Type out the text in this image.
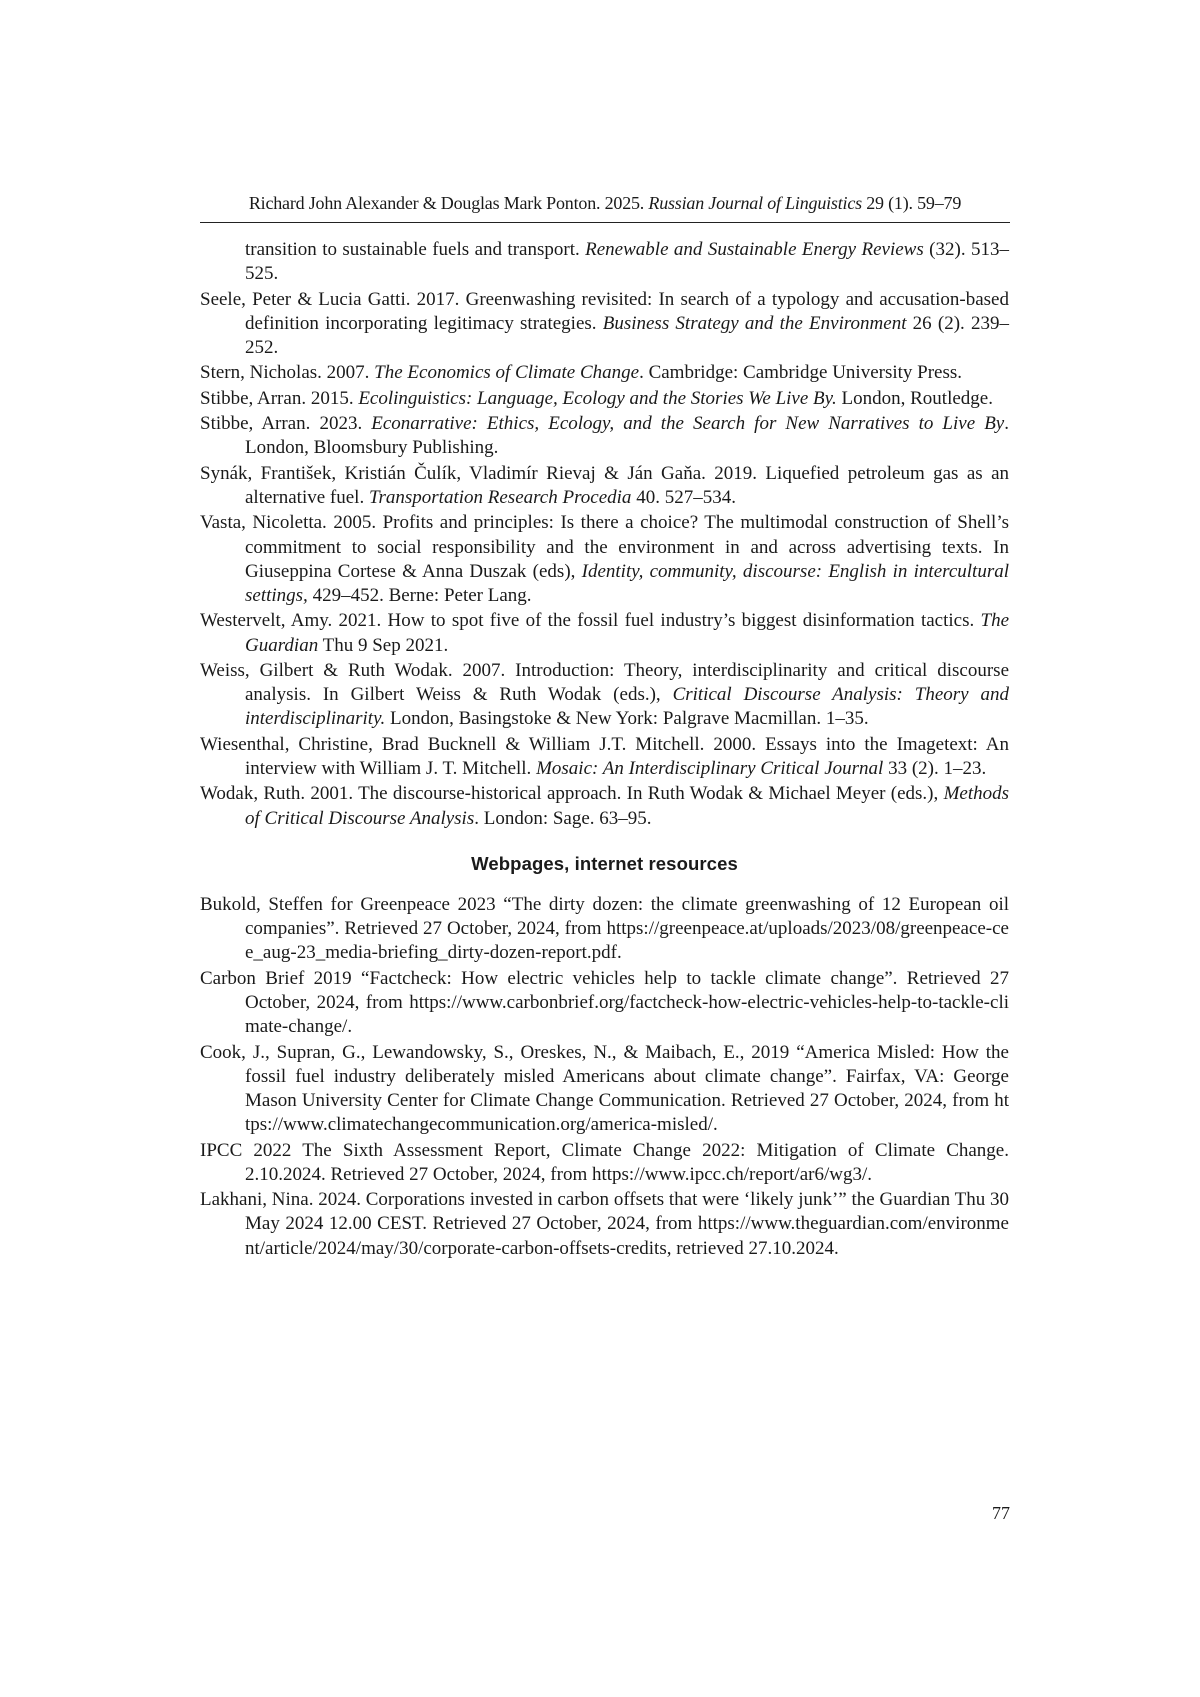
Richard John Alexander & Douglas Mark Ponton. 2025. Russian Journal of Linguistics 29 (1). 59–79

transition to sustainable fuels and transport. Renewable and Sustainable Energy Reviews (32). 513–525.

Seele, Peter & Lucia Gatti. 2017. Greenwashing revisited: In search of a typology and accusation-based definition incorporating legitimacy strategies. Business Strategy and the Environment 26 (2). 239–252.

Stern, Nicholas. 2007. The Economics of Climate Change. Cambridge: Cambridge University Press.

Stibbe, Arran. 2015. Ecolinguistics: Language, Ecology and the Stories We Live By. London, Routledge.

Stibbe, Arran. 2023. Econarrative: Ethics, Ecology, and the Search for New Narratives to Live By. London, Bloomsbury Publishing.

Synák, František, Kristián Čulík, Vladimír Rievaj & Ján Gaňa. 2019. Liquefied petroleum gas as an alternative fuel. Transportation Research Procedia 40. 527–534.

Vasta, Nicoletta. 2005. Profits and principles: Is there a choice? The multimodal construction of Shell’s commitment to social responsibility and the environment in and across advertising texts. In Giuseppina Cortese & Anna Duszak (eds), Identity, community, discourse: English in intercultural settings, 429–452. Berne: Peter Lang.

Westervelt, Amy. 2021. How to spot five of the fossil fuel industry’s biggest disinformation tactics. The Guardian Thu 9 Sep 2021.

Weiss, Gilbert & Ruth Wodak. 2007. Introduction: Theory, interdisciplinarity and critical discourse analysis. In Gilbert Weiss & Ruth Wodak (eds.), Critical Discourse Analysis: Theory and interdisciplinarity. London, Basingstoke & New York: Palgrave Macmillan. 1–35.

Wiesenthal, Christine, Brad Bucknell & William J.T. Mitchell. 2000. Essays into the Imagetext: An interview with William J. T. Mitchell. Mosaic: An Interdisciplinary Critical Journal 33 (2). 1–23.

Wodak, Ruth. 2001. The discourse-historical approach. In Ruth Wodak & Michael Meyer (eds.), Methods of Critical Discourse Analysis. London: Sage. 63–95.

Webpages, internet resources

Bukold, Steffen for Greenpeace 2023 “The dirty dozen: the climate greenwashing of 12 European oil companies”. Retrieved 27 October, 2024, from https://greenpeace.at/uploads/2023/08/greenpeace-cee_aug-23_media-briefing_dirty-dozen-report.pdf.

Carbon Brief 2019 “Factcheck: How electric vehicles help to tackle climate change”. Retrieved 27 October, 2024, from https://www.carbonbrief.org/factcheck-how-electric-vehicles-help-to-tackle-climate-change/.

Cook, J., Supran, G., Lewandowsky, S., Oreskes, N., & Maibach, E., 2019 “America Misled: How the fossil fuel industry deliberately misled Americans about climate change”. Fairfax, VA: George Mason University Center for Climate Change Communication. Retrieved 27 October, 2024, from https://www.climatechangecommunication.org/america-misled/.

IPCC 2022 The Sixth Assessment Report, Climate Change 2022: Mitigation of Climate Change. 2.10.2024. Retrieved 27 October, 2024, from https://www.ipcc.ch/report/ar6/wg3/.

Lakhani, Nina. 2024. Corporations invested in carbon offsets that were ‘likely junk’” the Guardian Thu 30 May 2024 12.00 CEST. Retrieved 27 October, 2024, from https://www.theguardian.com/environment/article/2024/may/30/corporate-carbon-offsets-credits, retrieved 27.10.2024.

77
